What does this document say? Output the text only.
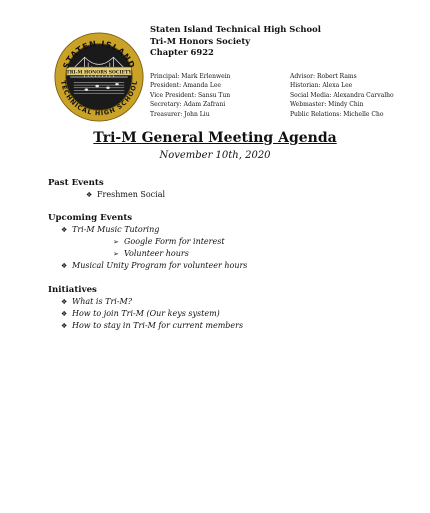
STATEN ISLAND
TECHNICAL HIGH SCHOOL
TRI-M HONORS SOCIETY
Staten Island Technical High School
Tri-M Honors Society
Chapter 6922
Principal: Mark Erlenwein
President: Amanda Lee
Vice President: Sansu Tun
Secretary: Adam Zafrani
Treasurer: John Liu
Advisor: Robert Rams
Historian: Alexa Lee
Social Media: Alexandra Carvalho
Webmaster: Mindy Chin
Public Relations: Michelle Cho
Tri-M General Meeting Agenda
November 10th, 2020
Past Events
❖ Freshmen Social
Upcoming Events
❖ Tri-M Music Tutoring
➢ Google Form for interest
➢ Volunteer hours
❖ Musical Unity Program for volunteer hours
Initiatives
❖ What is Tri-M?
❖ How to join Tri-M (Our keys system)
❖ How to stay in Tri-M for current members
